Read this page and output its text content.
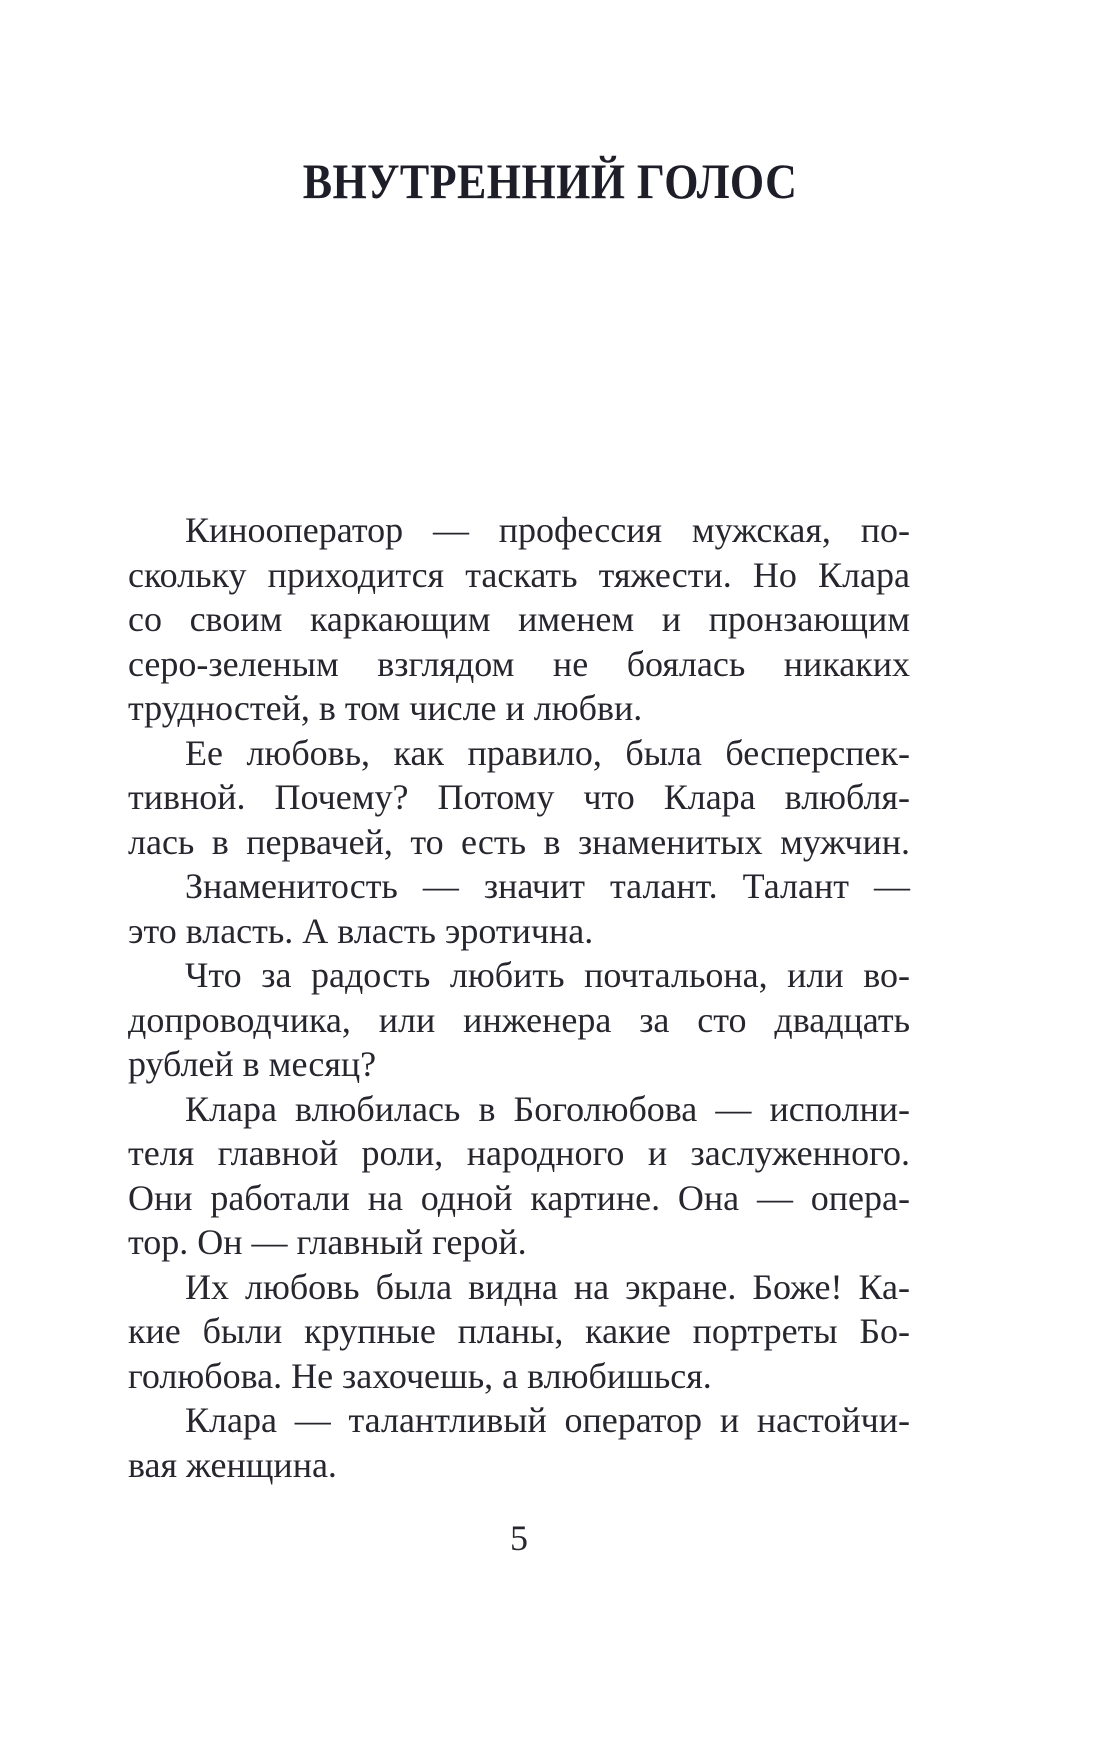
ВНУТРЕННИЙ ГОЛОС
Кинооператор — профессия мужская, по-
скольку приходится таскать тяжести. Но Клара
со своим каркающим именем и пронзающим
серо-зеленым взглядом не боялась никаких
трудностей, в том числе и любви.
Ее любовь, как правило, была бесперспек-
тивной. Почему? Потому что Клара влюбля-
лась в первачей, то есть в знаменитых мужчин.
Знаменитость — значит талант. Талант —
это власть. А власть эротична.
Что за радость любить почтальона, или во-
допроводчика, или инженера за сто двадцать
рублей в месяц?
Клара влюбилась в Боголюбова — исполни-
теля главной роли, народного и заслуженного.
Они работали на одной картине. Она — опера-
тор. Он — главный герой.
Их любовь была видна на экране. Боже! Ка-
кие были крупные планы, какие портреты Бо-
голюбова. Не захочешь, а влюбишься.
Клара — талантливый оператор и настойчи-
вая женщина.
5
